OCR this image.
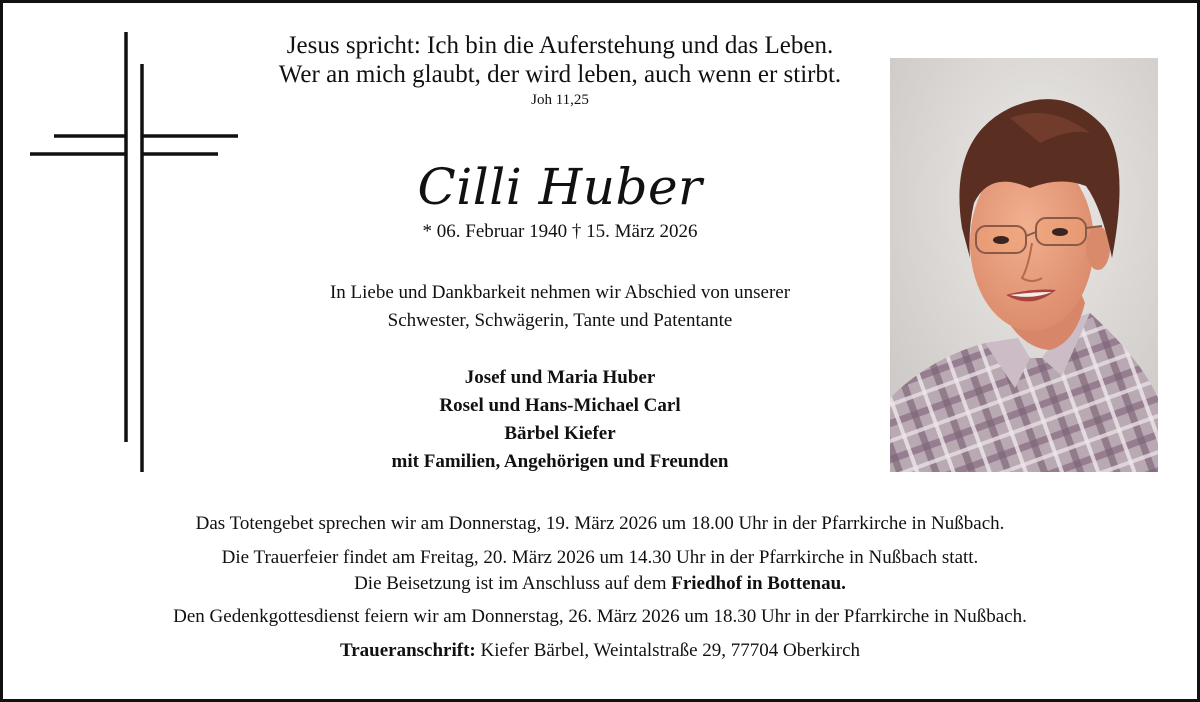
Jesus spricht: Ich bin die Auferstehung und das Leben.
Wer an mich glaubt, der wird leben, auch wenn er stirbt.
Joh 11,25
Cilli Huber
* 06. Februar 1940 † 15. März 2026
In Liebe und Dankbarkeit nehmen wir Abschied von unserer
Schwester, Schwägerin, Tante und Patentante
Josef und Maria Huber
Rosel und Hans-Michael Carl
Bärbel Kiefer
mit Familien, Angehörigen und Freunden
Das Totengebet sprechen wir am Donnerstag, 19. März 2026 um 18.00 Uhr in der Pfarrkirche in Nußbach.
Die Trauerfeier findet am Freitag, 20. März 2026 um 14.30 Uhr in der Pfarrkirche in Nußbach statt.
Die Beisetzung ist im Anschluss auf dem Friedhof in Bottenau.
Den Gedenkgottesdienst feiern wir am Donnerstag, 26. März 2026 um 18.30 Uhr in der Pfarrkirche in Nußbach.
Traueranschrift: Kiefer Bärbel, Weintalstraße 29, 77704 Oberkirch
